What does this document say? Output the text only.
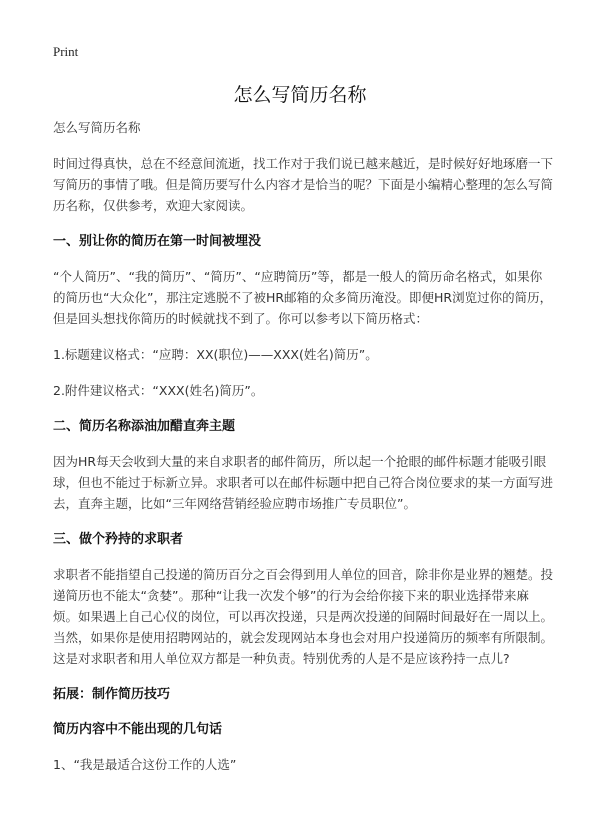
Print
怎么写简历名称

怎么写简历名称

时间过得真快，总在不经意间流逝，找工作对于我们说已越来越近，是时候好好地琢磨一下写简历的事情了哦。但是简历要写什么内容才是恰当的呢？下面是小编精心整理的怎么写简历名称，仅供参考，欢迎大家阅读。

一、别让你的简历在第一时间被埋没

“个人简历”、“我的简历”、“简历”、“应聘简历”等，都是一般人的简历命名格式，如果你的简历也“大众化”，那注定逃脱不了被HR邮箱的众多简历淹没。即便HR浏览过你的简历，但是回头想找你简历的时候就找不到了。你可以参考以下简历格式：

1.标题建议格式：“应聘：XX(职位)——XXX(姓名)简历”。

2.附件建议格式：“XXX(姓名)简历”。

二、简历名称添油加醋直奔主题

因为HR每天会收到大量的来自求职者的邮件简历，所以起一个抢眼的邮件标题才能吸引眼球，但也不能过于标新立异。求职者可以在邮件标题中把自己符合岗位要求的某一方面写进去，直奔主题，比如“三年网络营销经验应聘市场推广专员职位”。

三、做个矜持的求职者

求职者不能指望自己投递的简历百分之百会得到用人单位的回音，除非你是业界的翘楚。投递简历也不能太“贪婪”。那种“让我一次发个够”的行为会给你接下来的职业选择带来麻烦。如果遇上自己心仪的岗位，可以再次投递，只是两次投递的间隔时间最好在一周以上。当然，如果你是使用招聘网站的，就会发现网站本身也会对用户投递简历的频率有所限制。这是对求职者和用人单位双方都是一种负责。特别优秀的人是不是应该矜持一点儿?

拓展：制作简历技巧
简历内容中不能出现的几句话

1、“我是最适合这份工作的人选”
